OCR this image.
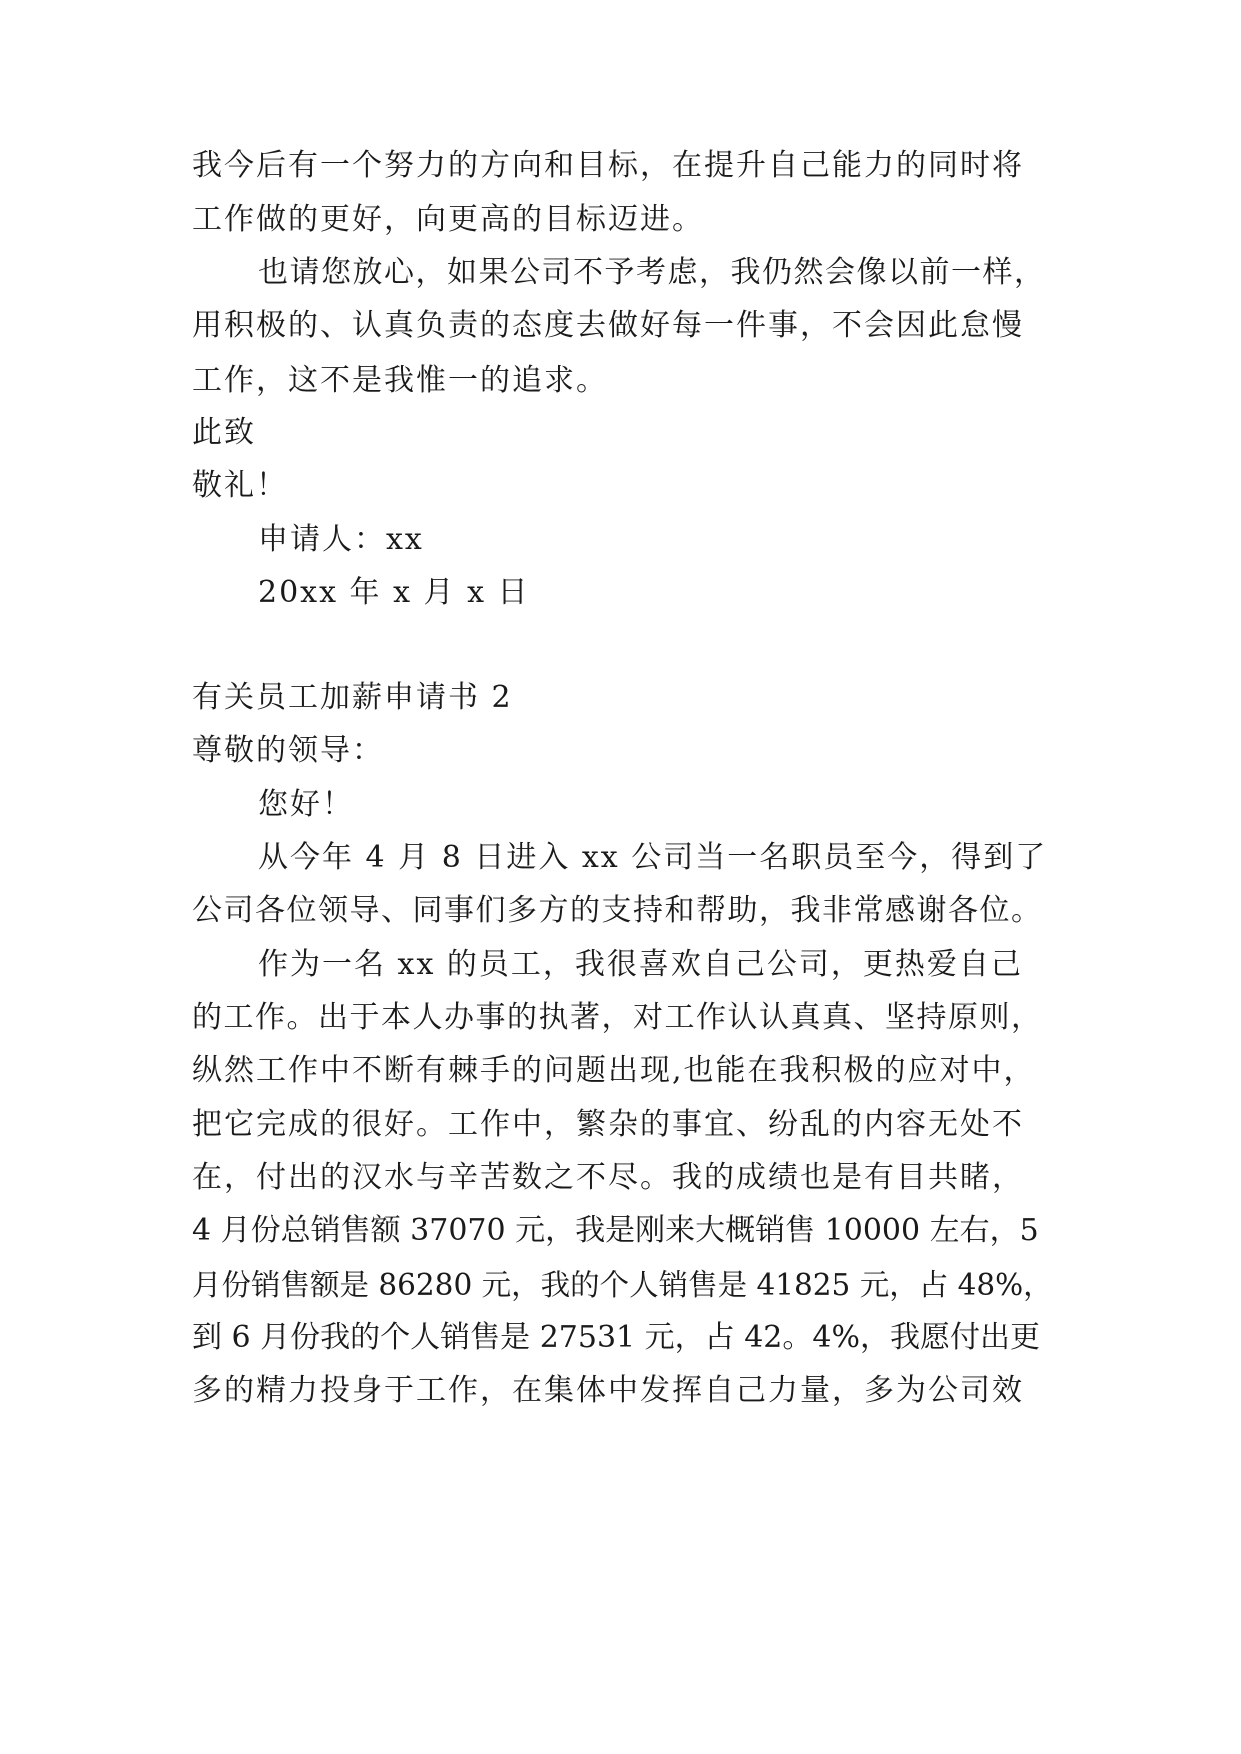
我今后有一个努力的方向和目标，在提升自己能力的同时将
工作做的更好，向更高的目标迈进。
也请您放心，如果公司不予考虑，我仍然会像以前一样，
用积极的、认真负责的态度去做好每一件事，不会因此怠慢
工作，这不是我惟一的追求。
此致
敬礼！
申请人：xx
20xx 年 x 月 x 日
有关员工加薪申请书 2
尊敬的领导：
您好！
从今年 4 月 8 日进入 xx 公司当一名职员至今，得到了
公司各位领导、同事们多方的支持和帮助，我非常感谢各位。
作为一名 xx 的员工，我很喜欢自己公司，更热爱自己
的工作。出于本人办事的执著，对工作认认真真、坚持原则，
纵然工作中不断有棘手的问题出现,也能在我积极的应对中，
把它完成的很好。工作中，繁杂的事宜、纷乱的内容无处不
在，付出的汉水与辛苦数之不尽。我的成绩也是有目共睹，
4 月份总销售额 37070 元，我是刚来大概销售 10000 左右，5
月份销售额是 86280 元，我的个人销售是 41825 元，占 48%，
到 6 月份我的个人销售是 27531 元，占 42。4%，我愿付出更
多的精力投身于工作，在集体中发挥自己力量，多为公司效
